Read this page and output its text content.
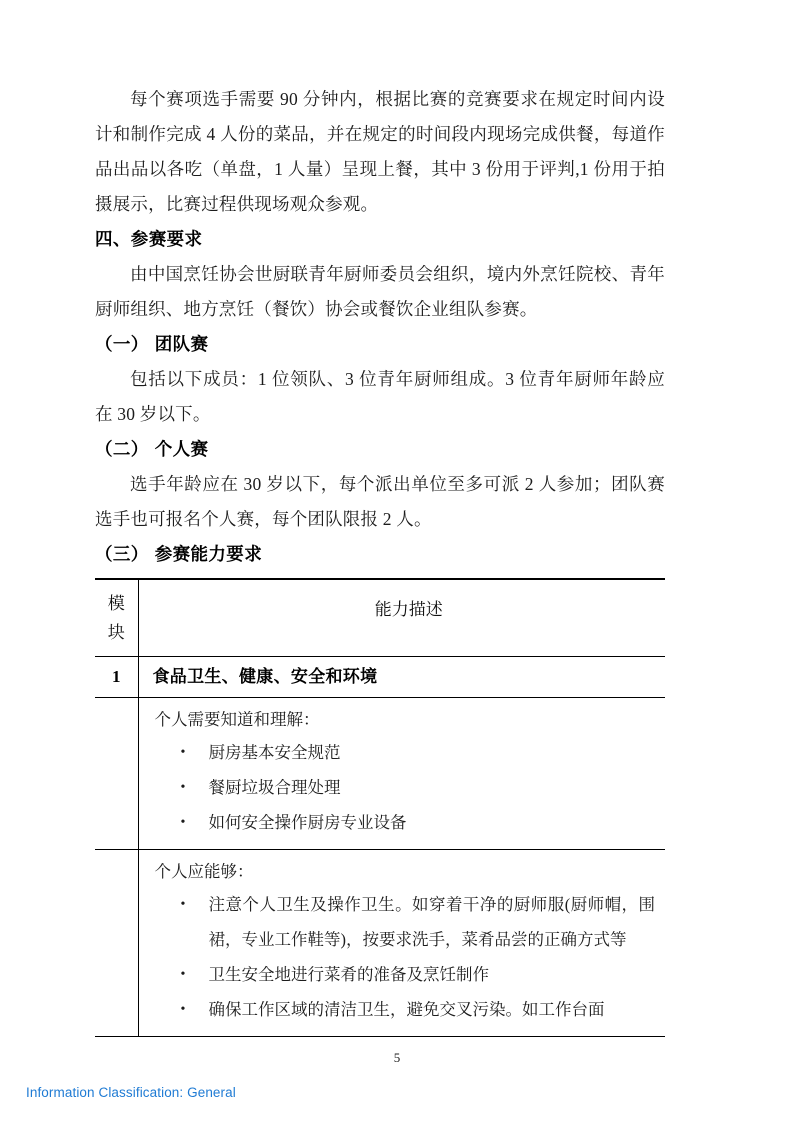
每个赛项选手需要 90 分钟内，根据比赛的竞赛要求在规定时间内设计和制作完成 4 人份的菜品，并在规定的时间段内现场完成供餐，每道作品出品以各吃（单盘，1 人量）呈现上餐，其中 3 份用于评判,1 份用于拍摄展示，比赛过程供现场观众参观。

四、参赛要求

由中国烹饪协会世厨联青年厨师委员会组织，境内外烹饪院校、青年厨师组织、地方烹饪（餐饮）协会或餐饮企业组队参赛。

（一） 团队赛

包括以下成员：1 位领队、3 位青年厨师组成。3 位青年厨师年龄应在 30 岁以下。

（二） 个人赛

选手年龄应在 30 岁以下，每个派出单位至多可派 2 人参加；团队赛选手也可报名个人赛，每个团队限报 2 人。

（三） 参赛能力要求

模
块	能力描述

1	食品卫生、健康、安全和环境

个人需要知道和理解：
• 厨房基本安全规范
• 餐厨垃圾合理处理
• 如何安全操作厨房专业设备

个人应能够：
• 注意个人卫生及操作卫生。如穿着干净的厨师服(厨师帽，围裙，专业工作鞋等)，按要求洗手，菜肴品尝的正确方式等
• 卫生安全地进行菜肴的准备及烹饪制作
• 确保工作区域的清洁卫生，避免交叉污染。如工作台面
5
Information Classification: General
